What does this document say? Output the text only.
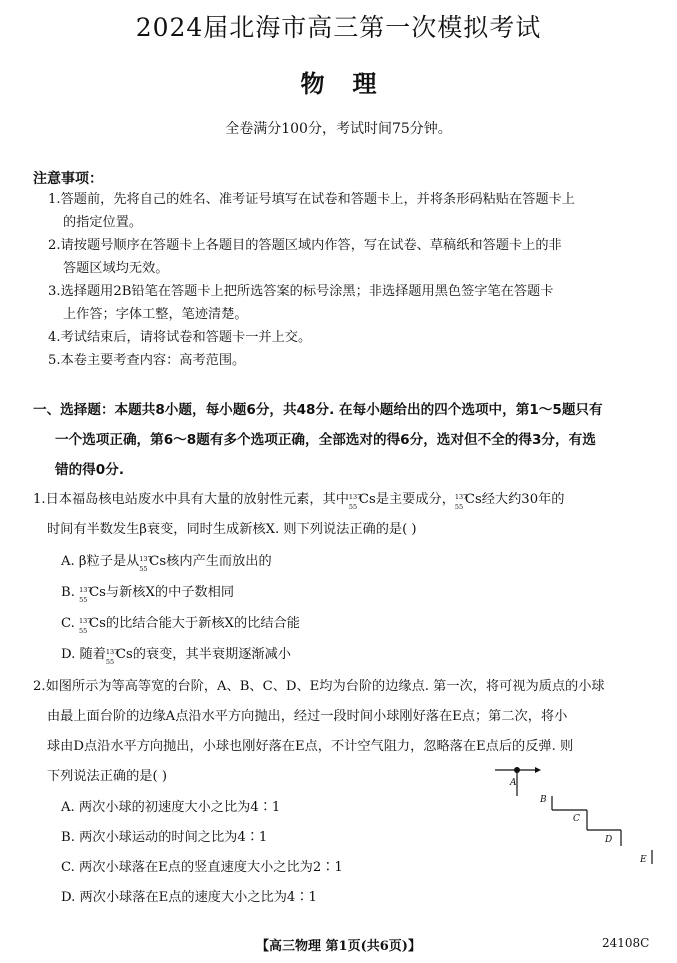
2024届北海市高三第一次模拟考试
物理
全卷满分100分，考试时间75分钟。
注意事项：
1.答题前，先将自己的姓名、准考证号填写在试卷和答题卡上，并将条形码粘贴在答题卡上
的指定位置。
2.请按题号顺序在答题卡上各题目的答题区域内作答，写在试卷、草稿纸和答题卡上的非
答题区域均无效。
3.选择题用2B铅笔在答题卡上把所选答案的标号涂黑；非选择题用黑色签字笔在答题卡
上作答；字体工整，笔迹清楚。
4.考试结束后，请将试卷和答题卡一并上交。
5.本卷主要考查内容：高考范围。
一、选择题：本题共8小题，每小题6分，共48分. 在每小题给出的四个选项中，第1～5题只有
一个选项正确，第6～8题有多个选项正确，全部选对的得6分，选对但不全的得3分，有选
错的得0分.
1.日本福岛核电站废水中具有大量的放射性元素，其中 137
55 Cs是主要成分， 137
55 Cs经大约30年的
时间有半数发生β衰变，同时生成新核X. 则下列说法正确的是( )
A. β粒子是从 137
55 Cs核内产生而放出的
B. 137
55 Cs与新核X的中子数相同
C. 137
55 Cs的比结合能大于新核X的比结合能
D. 随着 137
55 Cs的衰变，其半衰期逐渐减小
2.如图所示为等高等宽的台阶，A、B、C、D、E均为台阶的边缘点. 第一次，将可视为质点的小球
由最上面台阶的边缘A点沿水平方向抛出，经过一段时间小球刚好落在E点；第二次，将小
球由D点沿水平方向抛出，小球也刚好落在E点，不计空气阻力，忽略落在E点后的反弹. 则
下列说法正确的是( )
A. 两次小球的初速度大小之比为4∶1
B. 两次小球运动的时间之比为4∶1
C. 两次小球落在E点的竖直速度大小之比为2∶1
D. 两次小球落在E点的速度大小之比为4∶1
A
B
C
D
E
【高三物理 第1页(共6页)】	24108C
